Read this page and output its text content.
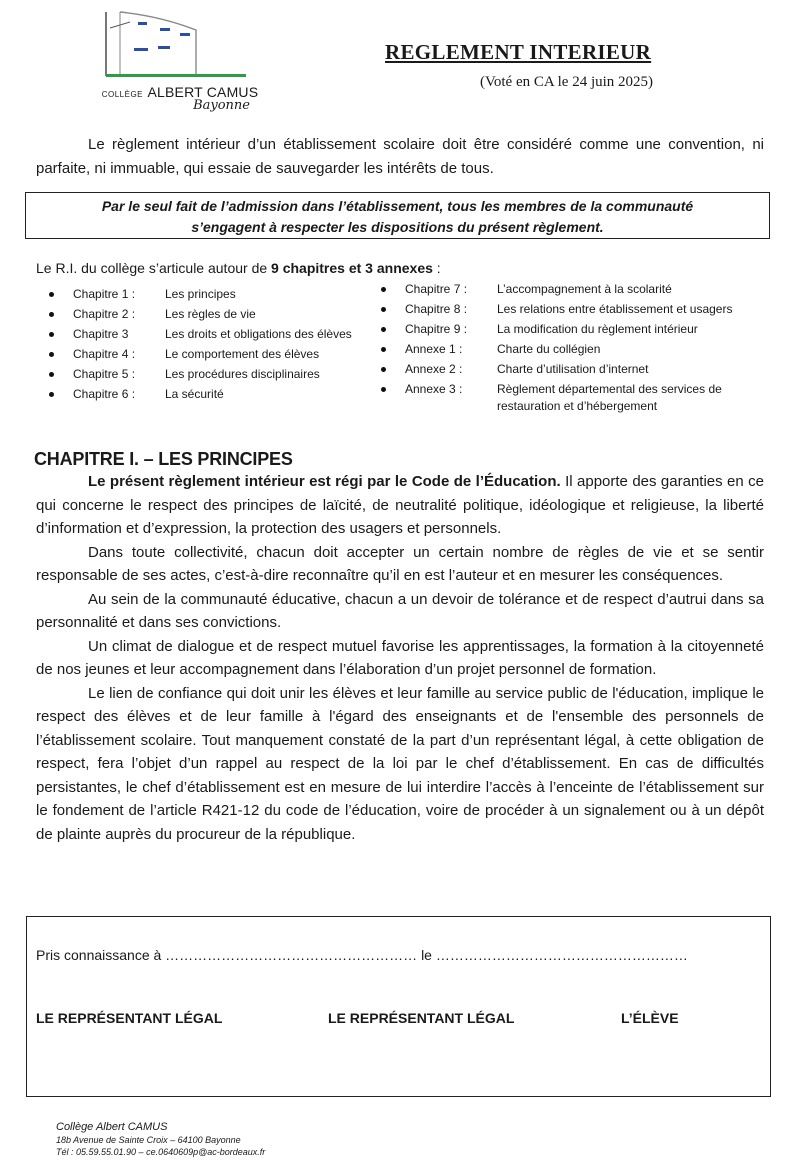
COLLÈGE ALBERT CAMUS
Bayonne
REGLEMENT INTERIEUR
(Voté en CA le 24 juin 2025)
Le règlement intérieur d’un établissement scolaire doit être considéré comme une convention, ni parfaite, ni immuable, qui essaie de sauvegarder les intérêts de tous.
Par le seul fait de l’admission dans l’établissement, tous les membres de la communauté
s’engagent à respecter les dispositions du présent règlement.
Le R.I. du collège s’articule autour de 9 chapitres et 3 annexes :
Chapitre 1 : Les principes
Chapitre 2 : Les règles de vie
Chapitre 3	Les droits et obligations des élèves
Chapitre 4 : Le comportement des élèves
Chapitre 5 : Les procédures disciplinaires
Chapitre 6 : La sécurité
Chapitre 7 : L’accompagnement à la scolarité
Chapitre 8 : Les relations entre établissement et usagers
Chapitre 9 : La modification du règlement intérieur
Annexe 1 :	Charte du collégien
Annexe 2 :	Charte d’utilisation d’internet
Annexe 3 :	Règlement départemental des services de
restauration et d’hébergement
CHAPITRE I. – LES PRINCIPES
Le présent règlement intérieur est régi par le Code de l’Éducation. Il apporte des garanties en ce qui concerne le respect des principes de laïcité, de neutralité politique, idéologique et religieuse, la liberté d’information et d’expression, la protection des usagers et personnels.
Dans toute collectivité, chacun doit accepter un certain nombre de règles de vie et se sentir responsable de ses actes, c’est-à-dire reconnaître qu’il en est l’auteur et en mesurer les conséquences.
Au sein de la communauté éducative, chacun a un devoir de tolérance et de respect d’autrui dans sa personnalité et dans ses convictions.
Un climat de dialogue et de respect mutuel favorise les apprentissages, la formation à la citoyenneté de nos jeunes et leur accompagnement dans l’élaboration d’un projet personnel de formation.
Le lien de confiance qui doit unir les élèves et leur famille au service public de l'éducation, implique le respect des élèves et de leur famille à l'égard des enseignants et de l'ensemble des personnels de l’établissement scolaire. Tout manquement constaté de la part d’un représentant légal, à cette obligation de respect, fera l’objet d’un rappel au respect de la loi par le chef d’établissement. En cas de difficultés persistantes, le chef d’établissement est en mesure de lui interdire l’accès à l’enceinte de l’établissement sur le fondement de l’article R421-12 du code de l’éducation, voire de procéder à un signalement ou à un dépôt de plainte auprès du procureur de la république.
Pris connaissance à ……………………………………………… le ………………………………………………
LE REPRÉSENTANT LÉGAL	LE REPRÉSENTANT LÉGAL	L’ÉLÈVE
Collège Albert CAMUS
18b Avenue de Sainte Croix – 64100 Bayonne
Tél : 05.59.55.01.90 – ce.0640609p@ac-bordeaux.fr
